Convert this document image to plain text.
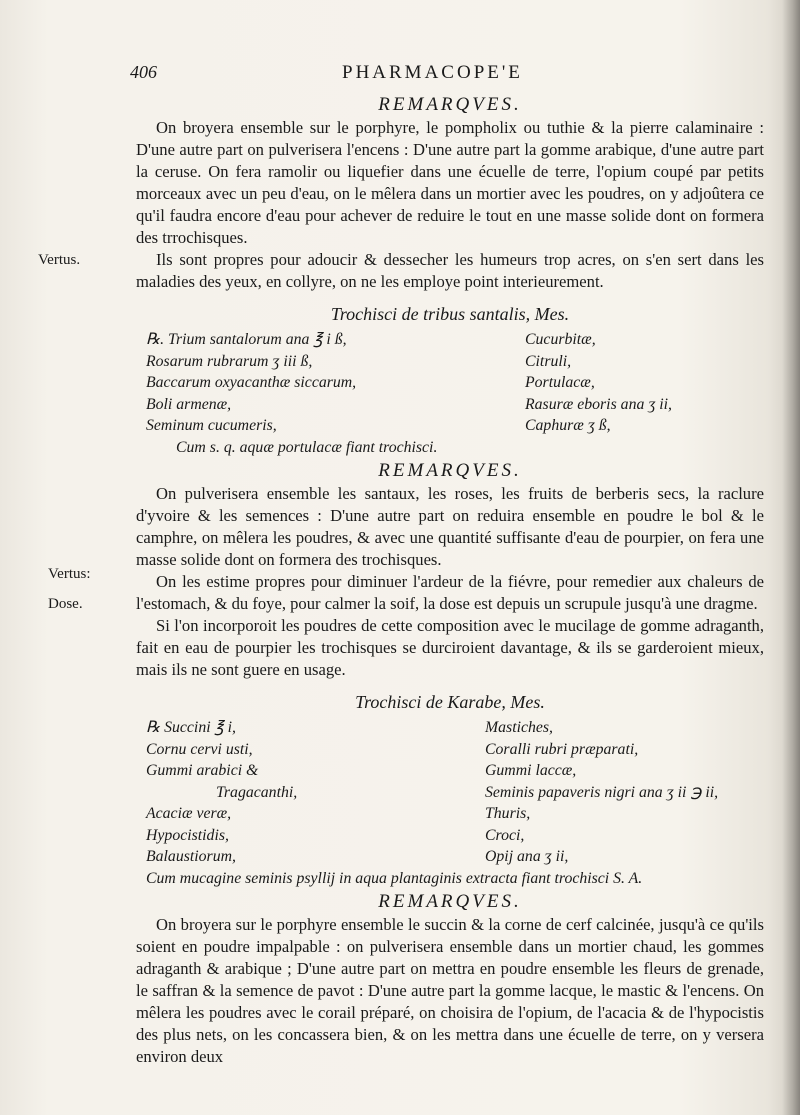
406	PHARMACOPE'E
Vertus.
Vertus:
Dose.

REMARQVES.

On broyera ensemble sur le porphyre, le pompholix ou tuthie & la pierre calaminaire : D'une autre part on pulverisera l'encens : D'une autre part la gomme arabique, d'une autre part la ceruse. On fera ramolir ou liquefier dans une écuelle de terre, l'opium coupé par petits morceaux avec un peu d'eau, on le mêlera dans un mortier avec les poudres, on y adjoûtera ce qu'il faudra encore d'eau pour achever de reduire le tout en une masse solide dont on formera des trrochisques.

Ils sont propres pour adoucir & dessecher les humeurs trop acres, on s'en sert dans les maladies des yeux, en collyre, on ne les employe point interieurement.

Trochisci de tribus santalis, Mes.

℞. Trium santalorum ana ℥ i ß,
Rosarum rubrarum ʒ iii ß,
Baccarum oxyacanthæ siccarum,
Boli armenæ,
Seminum cucumeris,
Cucurbitæ,
Citruli,
Portulacæ,
Rasuræ eboris ana ʒ ii,
Caphuræ ʒ ß,

Cum s. q. aquæ portulacæ fiant trochisci.

REMARQVES.

On pulverisera ensemble les santaux, les roses, les fruits de berberis secs, la raclure d'yvoire & les semences : D'une autre part on reduira ensemble en poudre le bol & le camphre, on mêlera les poudres, & avec une quantité suffisante d'eau de pourpier, on fera une masse solide dont on formera des trochisques.

On les estime propres pour diminuer l'ardeur de la fiévre, pour remedier aux chaleurs de l'estomach, & du foye, pour calmer la soif, la dose est depuis un scrupule jusqu'à une dragme.

Si l'on incorporoit les poudres de cette composition avec le mucilage de gomme adraganth, fait en eau de pourpier les trochisques se durciroient davantage, & ils se garderoient mieux, mais ils ne sont guere en usage.

Trochisci de Karabe, Mes.

℞ Succini ℥ i,
Cornu cervi usti,
Gummi arabici &
Tragacanthi,
Acaciæ veræ,
Hypocistidis,
Balaustiorum,
Mastiches,
Coralli rubri præparati,
Gummi laccæ,
Seminis papaveris nigri ana ʒ ii ℈ ii,
Thuris,
Croci,
Opij ana ʒ ii,

Cum mucagine seminis psyllij in aqua plantaginis extracta fiant trochisci S. A.

REMARQVES.

On broyera sur le porphyre ensemble le succin & la corne de cerf calcinée, jusqu'à ce qu'ils soient en poudre impalpable : on pulverisera ensemble dans un mortier chaud, les gommes adraganth & arabique ; D'une autre part on mettra en poudre ensemble les fleurs de grenade, le saffran & la semence de pavot : D'une autre part la gomme lacque, le mastic & l'encens. On mêlera les poudres avec le corail préparé, on choisira de l'opium, de l'acacia & de l'hypocistis des plus nets, on les concassera bien, & on les mettra dans une écuelle de terre, on y versera environ deux
